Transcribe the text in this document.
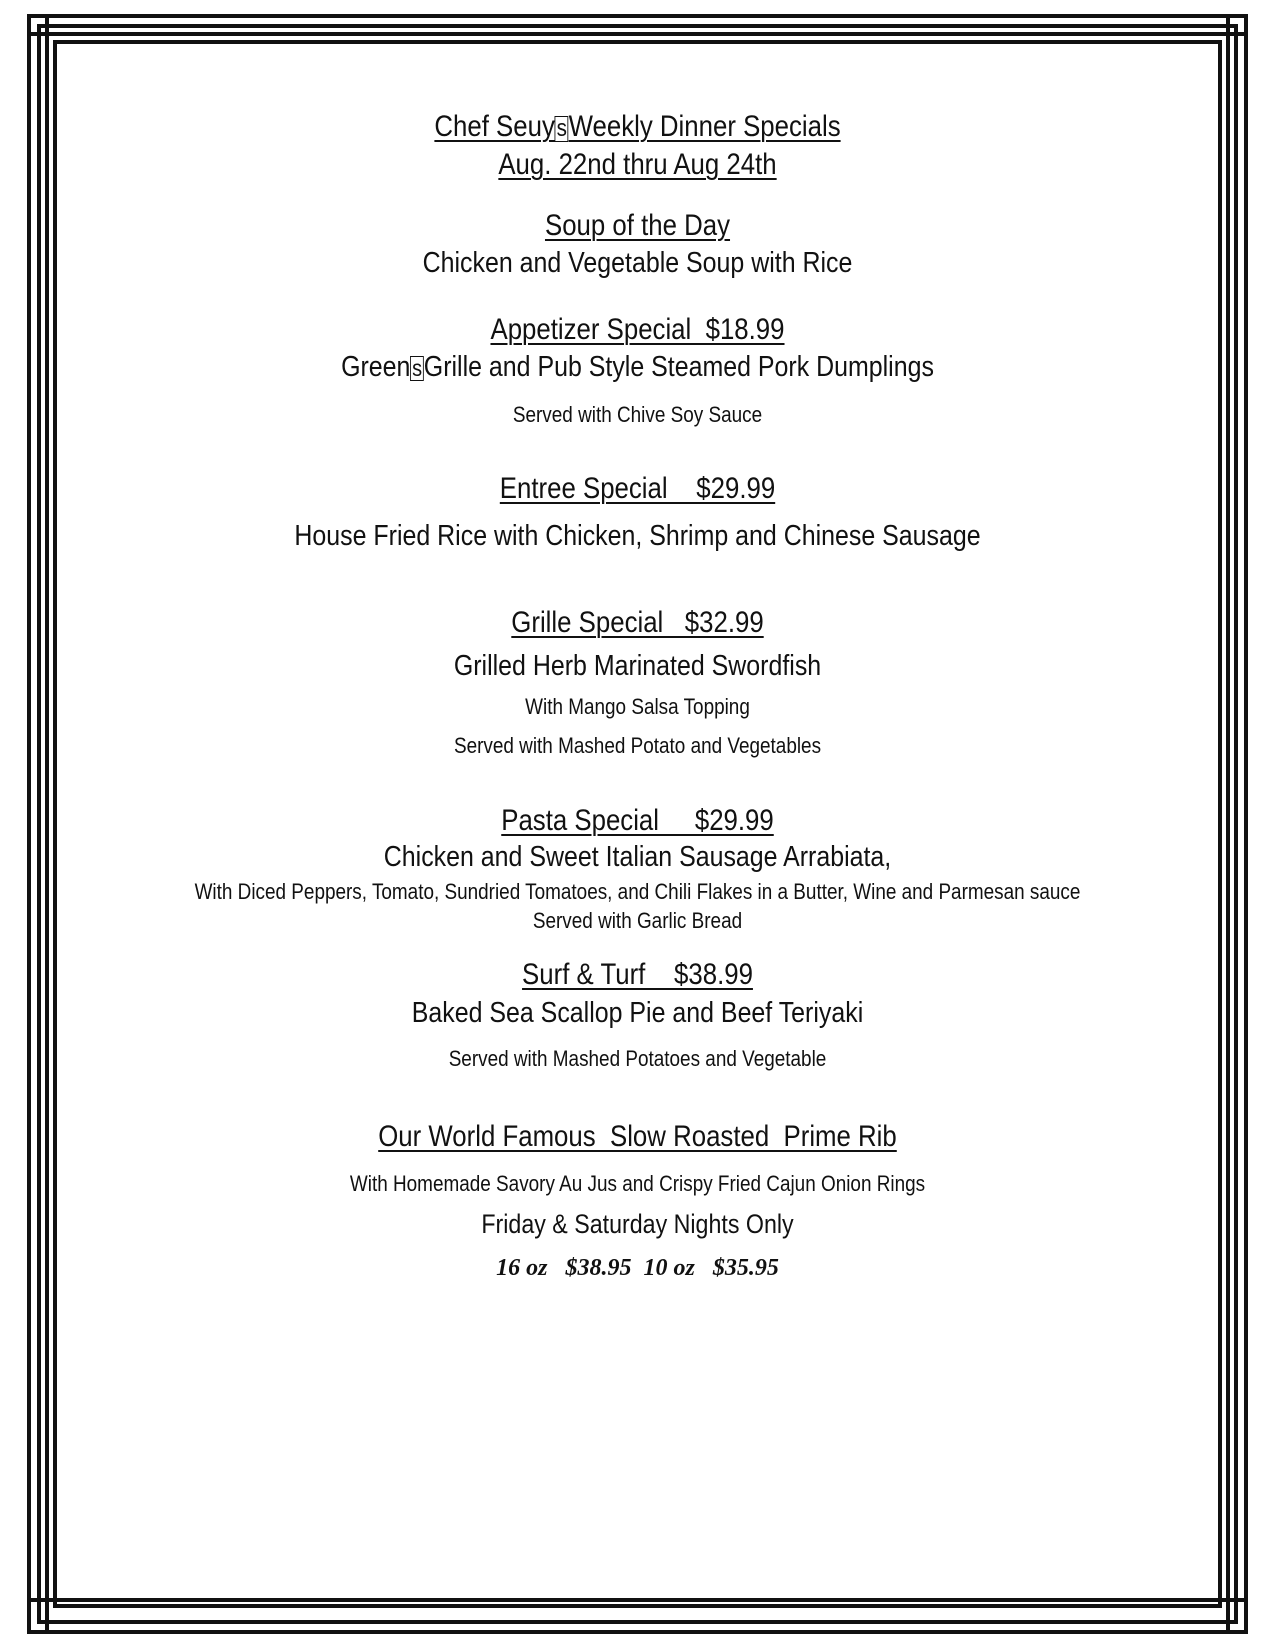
Chef SeuysWeekly Dinner Specials
Aug. 22nd thru Aug 24th
Soup of the Day
Chicken and Vegetable Soup with Rice
Appetizer Special  $18.99
GreensGrille and Pub Style Steamed Pork Dumplings
Served with Chive Soy Sauce
Entree Special    $29.99
House Fried Rice with Chicken, Shrimp and Chinese Sausage
Grille Special   $32.99
Grilled Herb Marinated Swordfish
With Mango Salsa Topping
Served with Mashed Potato and Vegetables
Pasta Special     $29.99
Chicken and Sweet Italian Sausage Arrabiata,
With Diced Peppers, Tomato, Sundried Tomatoes, and Chili Flakes in a Butter, Wine and Parmesan sauce
Served with Garlic Bread
Surf & Turf    $38.99
Baked Sea Scallop Pie and Beef Teriyaki
Served with Mashed Potatoes and Vegetable
Our World Famous  Slow Roasted  Prime Rib
With Homemade Savory Au Jus and Crispy Fried Cajun Onion Rings
Friday & Saturday Nights Only
16 oz   $38.95  10 oz   $35.95
